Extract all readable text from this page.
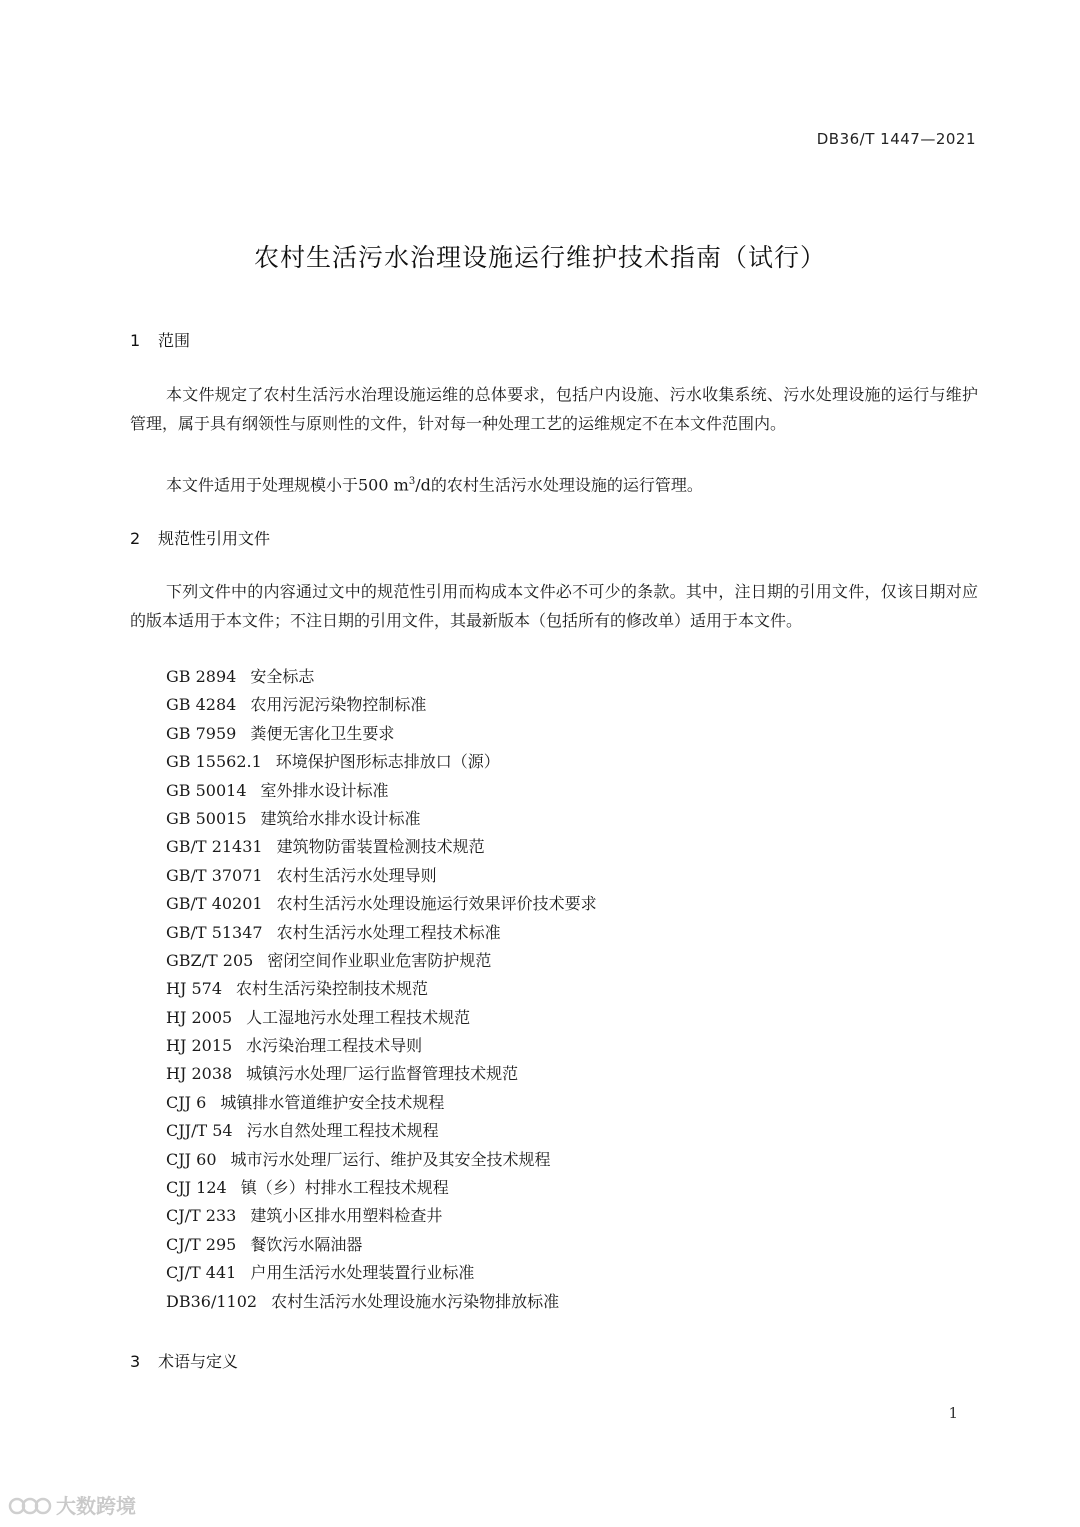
DB36/T 1447—2021
农村生活污水治理设施运行维护技术指南（试行）
1 范围

本文件规定了农村生活污水治理设施运维的总体要求，包括户内设施、污水收集系统、污水处理设施的运行与维护管理，属于具有纲领性与原则性的文件，针对每一种处理工艺的运维规定不在本文件范围内。

本文件适用于处理规模小于500 $m^3/d$的农村生活污水处理设施的运行管理。

2 规范性引用文件

下列文件中的内容通过文中的规范性引用而构成本文件必不可少的条款。其中，注日期的引用文件，仅该日期对应的版本适用于本文件；不注日期的引用文件，其最新版本（包括所有的修改单）适用于本文件。

GB 2894 安全标志
GB 4284 农用污泥污染物控制标准
GB 7959 粪便无害化卫生要求
GB 15562.1 环境保护图形标志排放口（源）
GB 50014 室外排水设计标准
GB 50015 建筑给水排水设计标准
GB/T 21431 建筑物防雷装置检测技术规范
GB/T 37071 农村生活污水处理导则
GB/T 40201 农村生活污水处理设施运行效果评价技术要求
GB/T 51347 农村生活污水处理工程技术标准
GBZ/T 205 密闭空间作业职业危害防护规范
HJ 574 农村生活污染控制技术规范
HJ 2005 人工湿地污水处理工程技术规范
HJ 2015 水污染治理工程技术导则
HJ 2038 城镇污水处理厂运行监督管理技术规范
CJJ 6 城镇排水管道维护安全技术规程
CJJ/T 54 污水自然处理工程技术规程
CJJ 60 城市污水处理厂运行、维护及其安全技术规程
CJJ 124 镇（乡）村排水工程技术规程
CJ/T 233 建筑小区排水用塑料检查井
CJ/T 295 餐饮污水隔油器
CJ/T 441 户用生活污水处理装置行业标准
DB36/1102 农村生活污水处理设施水污染物排放标准
3 术语与定义
1
大数跨境
